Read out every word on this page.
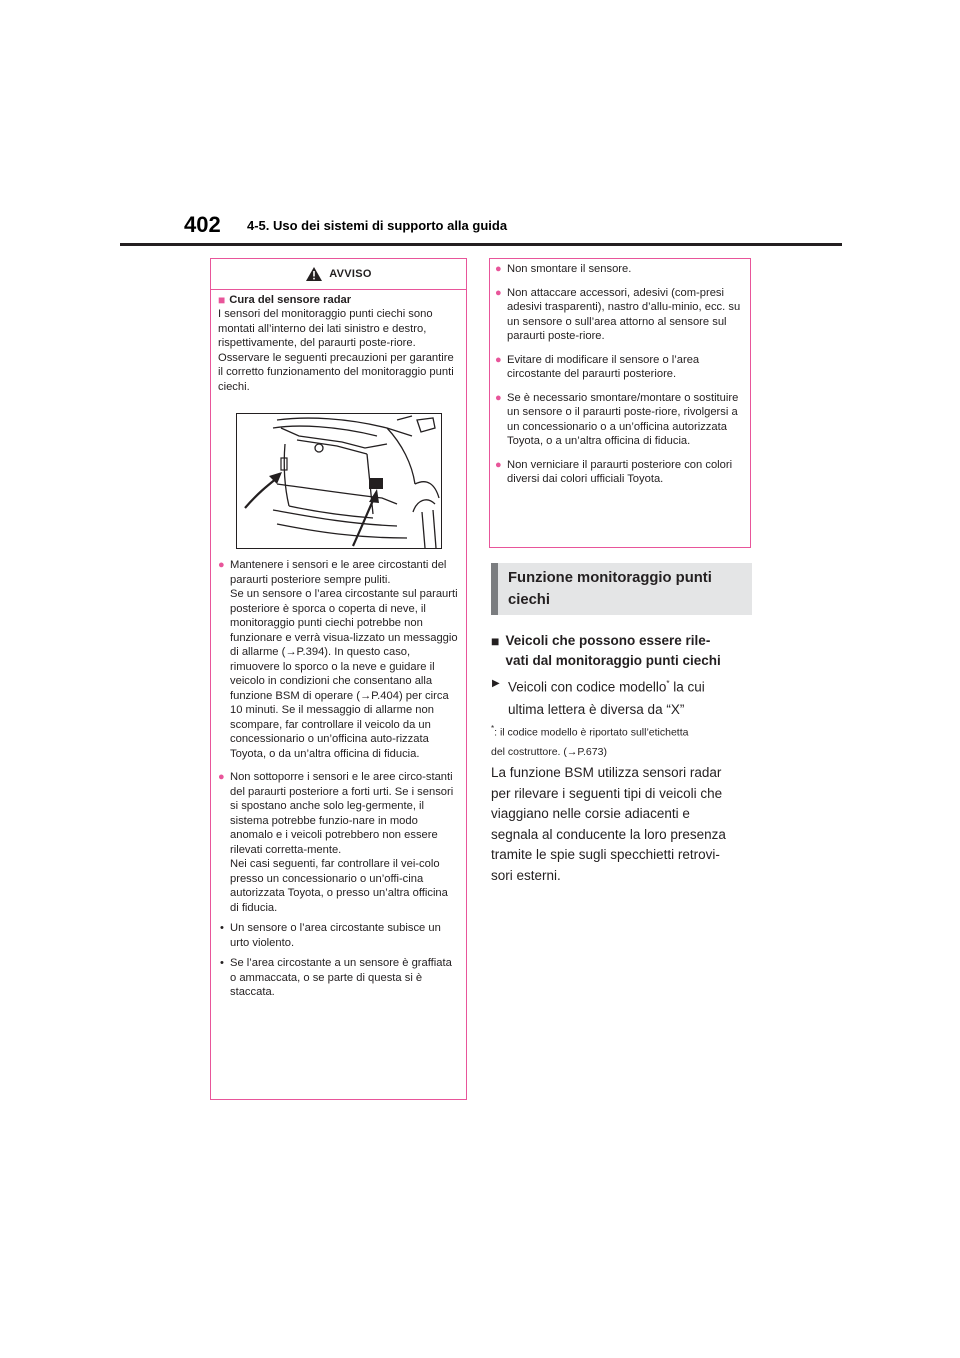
402 4-5. Uso dei sistemi di supporto alla guida
AVVISO
■ Cura del sensore radar

I sensori del monitoraggio punti ciechi sono montati all’interno dei lati sinistro e destro, rispettivamente, del paraurti poste-riore. Osservare le seguenti precauzioni per garantire il corretto funzionamento del monitoraggio punti ciechi.

● Mantenere i sensori e le aree circostanti del paraurti posteriore sempre puliti.
Se un sensore o l’area circostante sul paraurti posteriore è sporca o coperta di neve, il monitoraggio punti ciechi potrebbe non funzionare e verrà visua-lizzato un messaggio di allarme (→P.394). In questo caso, rimuovere lo sporco o la neve e guidare il veicolo in condizioni che consentano alla funzione BSM di operare (→P.404) per circa 10 minuti. Se il messaggio di allarme non scompare, far controllare il veicolo da un concessionario o un’officina auto-rizzata Toyota, o da un’altra officina di fiducia.
● Non sottoporre i sensori e le aree circo-stanti del paraurti posteriore a forti urti. Se i sensori si spostano anche solo leg-germente, il sistema potrebbe funzio-nare in modo anomalo e i veicoli potrebbero non essere rilevati corretta-mente.
Nei casi seguenti, far controllare il vei-colo presso un concessionario o un’offi-cina autorizzata Toyota, o presso un’altra officina di fiducia.
• Un sensore o l’area circostante subisce un urto violento.
• Se l’area circostante a un sensore è graffiata o ammaccata, o se parte di questa si è staccata.
● Non smontare il sensore.
● Non attaccare accessori, adesivi (com-presi adesivi trasparenti), nastro d’allu-minio, ecc. su un sensore o sull’area attorno al sensore sul paraurti poste-riore.
● Evitare di modificare il sensore o l’area circostante del paraurti posteriore.
● Se è necessario smontare/montare o sostituire un sensore o il paraurti poste-riore, rivolgersi a un concessionario o a un’officina autorizzata Toyota, o a un’altra officina di fiducia.
● Non verniciare il paraurti posteriore con colori diversi dai colori ufficiali Toyota.
Funzione monitoraggio punti
ciechi
■ Veicoli che possono essere rile-
vati dal monitoraggio punti ciechi
▶ Veicoli con codice modello* la cui
ultima lettera è diversa da “X”
*: il codice modello è riportato sull’etichetta
del costruttore. (→P.673)
La funzione BSM utilizza sensori radar
per rilevare i seguenti tipi di veicoli che
viaggiano nelle corsie adiacenti e
segnala al conducente la loro presenza
tramite le spie sugli specchietti retrovi-
sori esterni.
